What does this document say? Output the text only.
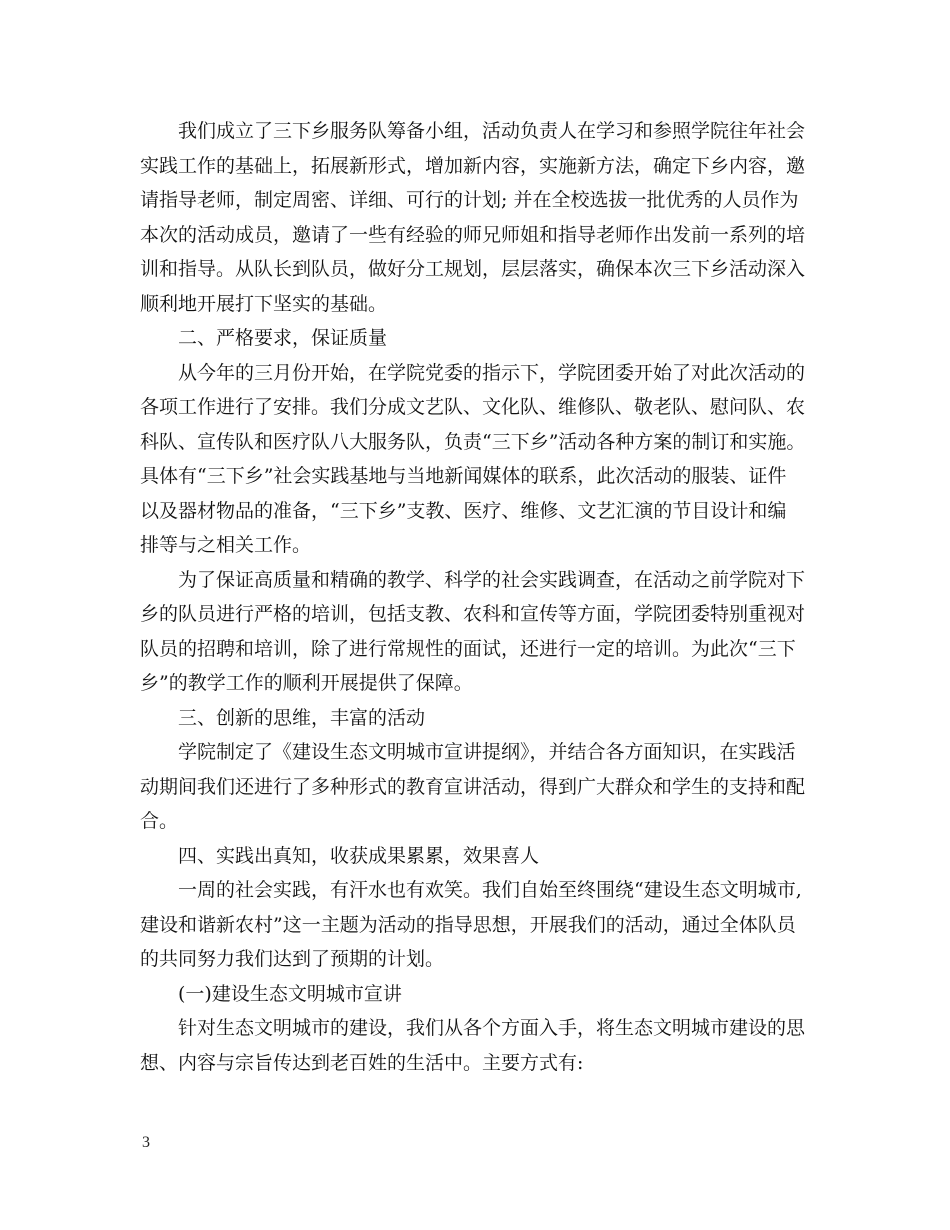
我们成立了三下乡服务队筹备小组，活动负责人在学习和参照学院往年社会
实践工作的基础上，拓展新形式，增加新内容，实施新方法，确定下乡内容，邀
请指导老师，制定周密、详细、可行的计划; 并在全校选拔一批优秀的人员作为
本次的活动成员，邀请了一些有经验的师兄师姐和指导老师作出发前一系列的培
训和指导。从队长到队员，做好分工规划，层层落实，确保本次三下乡活动深入
顺利地开展打下坚实的基础。
二、严格要求，保证质量
从今年的三月份开始，在学院党委的指示下，学院团委开始了对此次活动的
各项工作进行了安排。我们分成文艺队、文化队、维修队、敬老队、慰问队、农
科队、宣传队和医疗队八大服务队，负责“三下乡”活动各种方案的制订和实施。
具体有“三下乡”社会实践基地与当地新闻媒体的联系，此次活动的服装、证件
以及器材物品的准备，“三下乡”支教、医疗、维修、文艺汇演的节目设计和编
排等与之相关工作。
为了保证高质量和精确的教学、科学的社会实践调查，在活动之前学院对下
乡的队员进行严格的培训，包括支教、农科和宣传等方面，学院团委特别重视对
队员的招聘和培训，除了进行常规性的面试，还进行一定的培训。为此次“三下
乡”的教学工作的顺利开展提供了保障。
三、创新的思维，丰富的活动
学院制定了《建设生态文明城市宣讲提纲》，并结合各方面知识，在实践活
动期间我们还进行了多种形式的教育宣讲活动，得到广大群众和学生的支持和配
合。
四、实践出真知，收获成果累累，效果喜人
一周的社会实践，有汗水也有欢笑。我们自始至终围绕“建设生态文明城市,
建设和谐新农村”这一主题为活动的指导思想，开展我们的活动，通过全体队员
的共同努力我们达到了预期的计划。
(一)建设生态文明城市宣讲
针对生态文明城市的建设，我们从各个方面入手，将生态文明城市建设的思
想、内容与宗旨传达到老百姓的生活中。主要方式有:
3
